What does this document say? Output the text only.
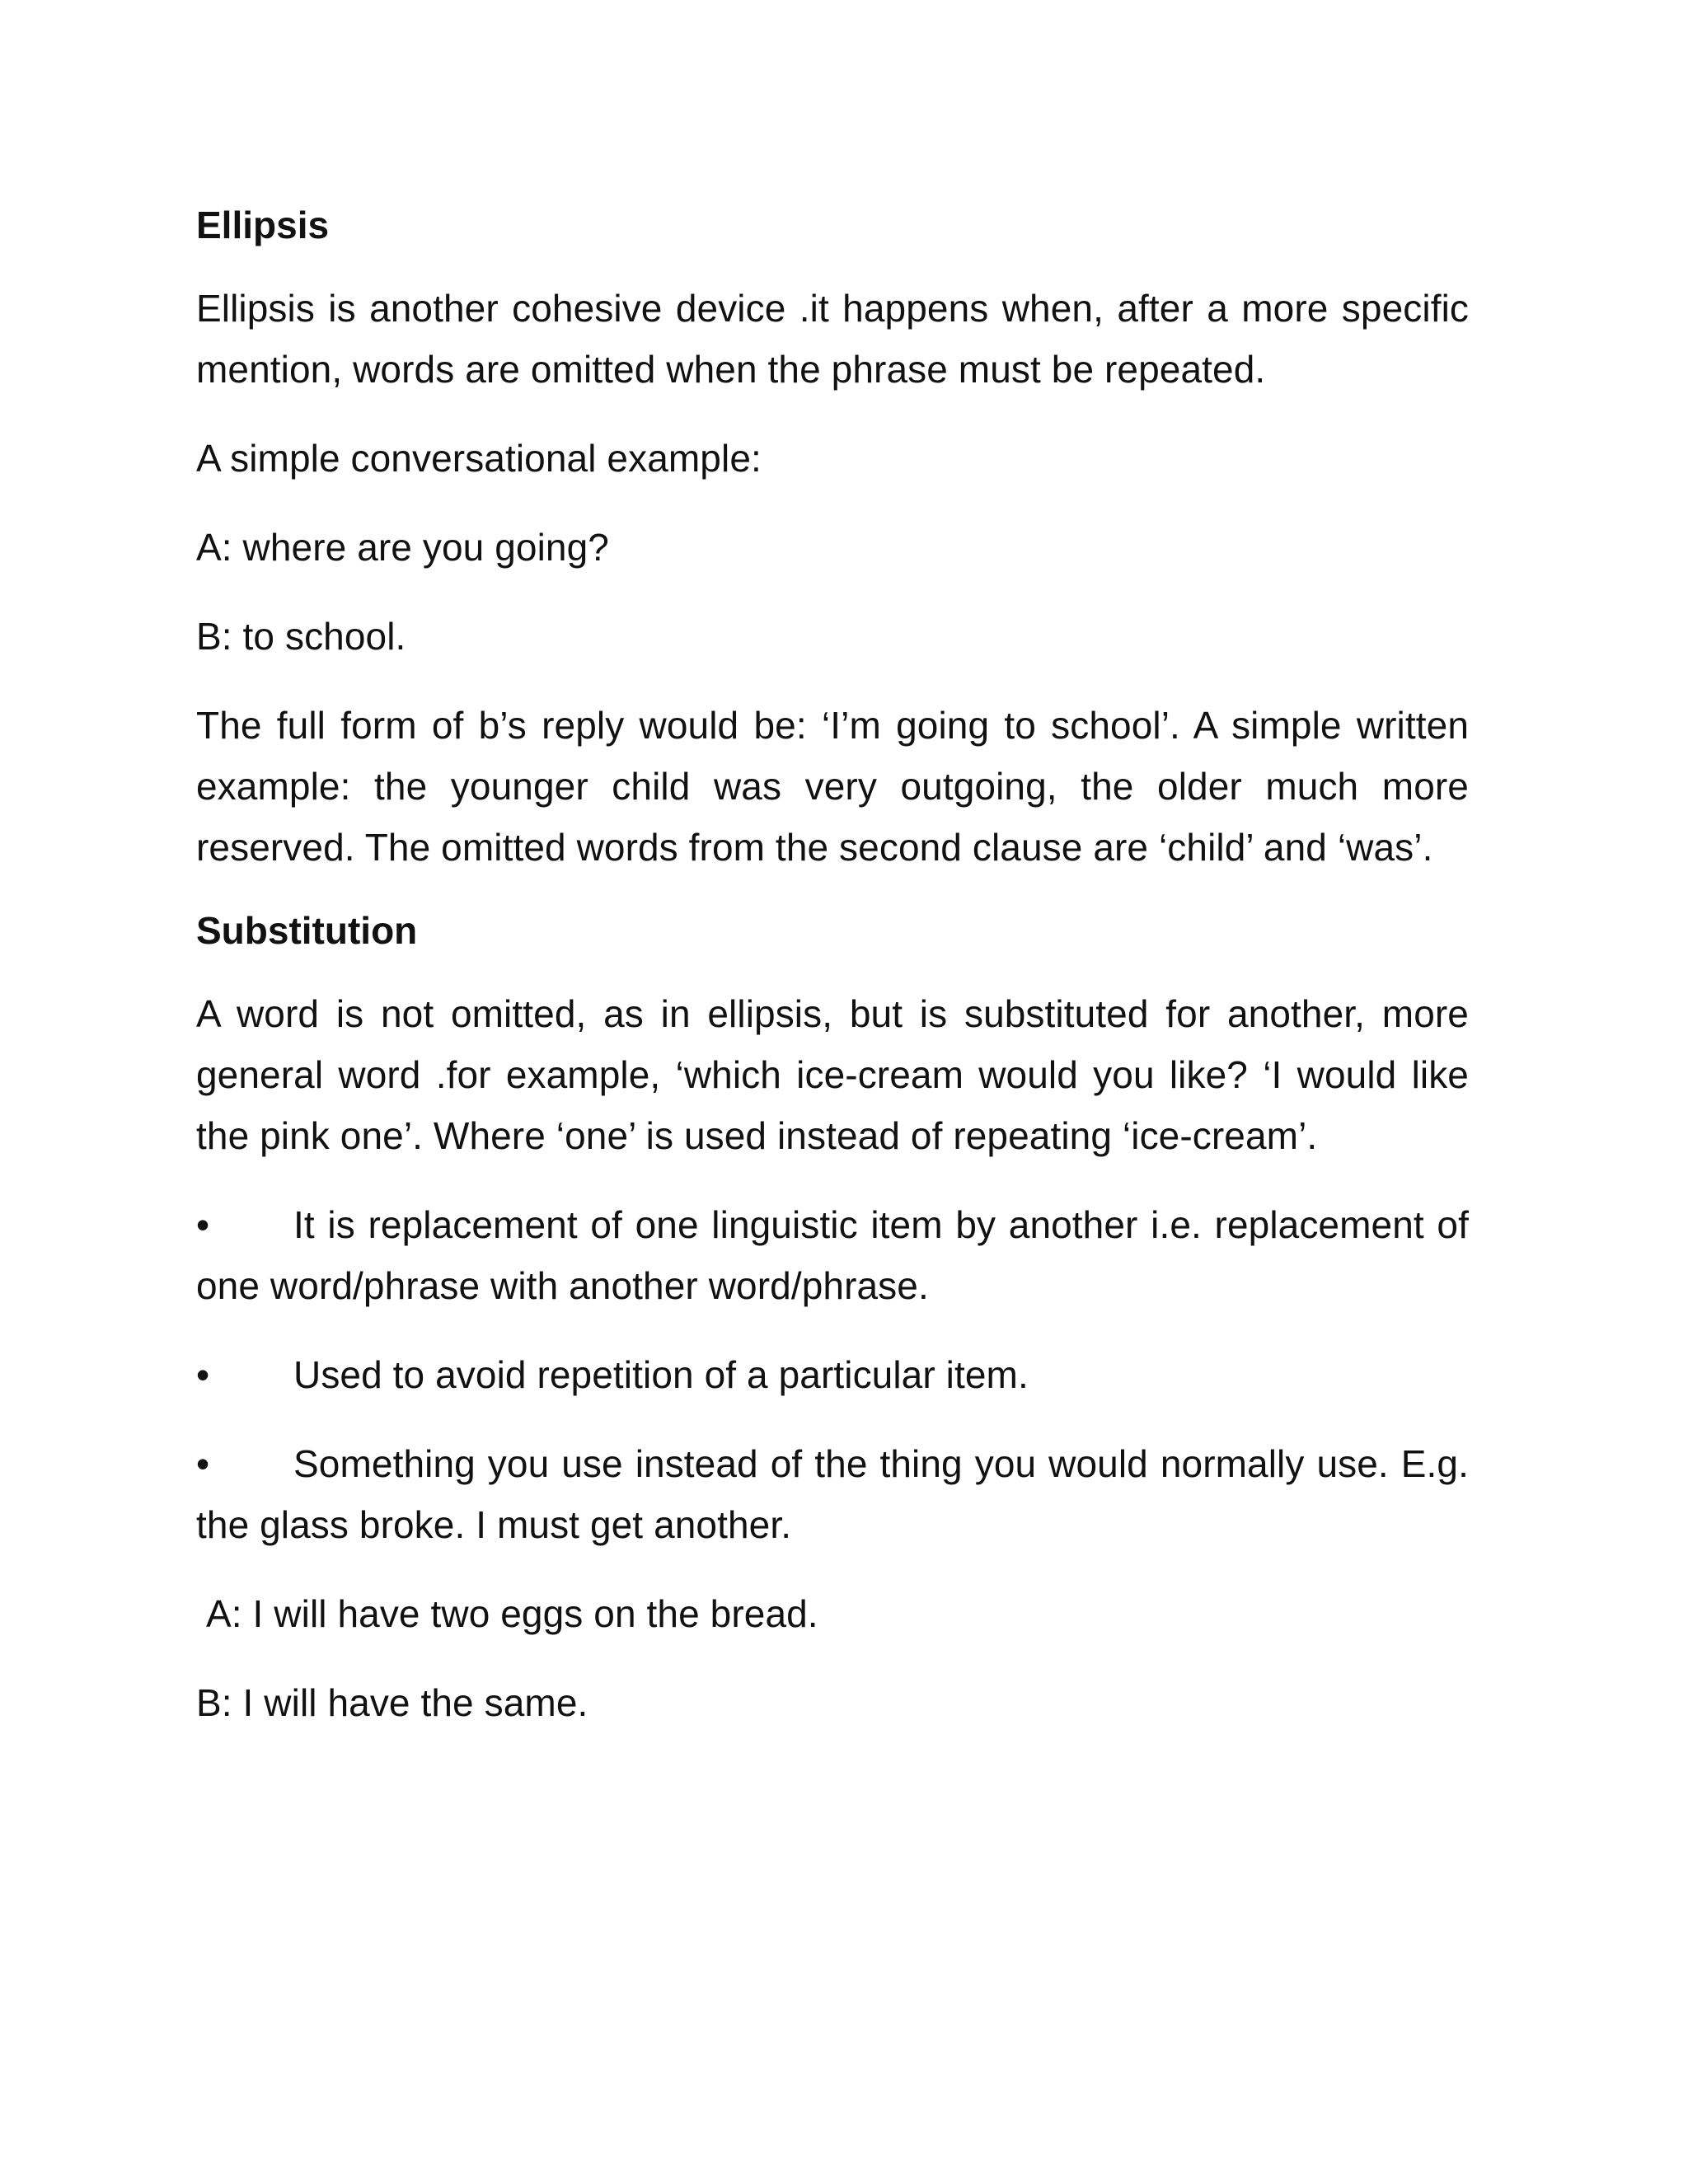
Ellipsis

Ellipsis is another cohesive device .it happens when, after a more specific mention, words are omitted when the phrase must be repeated.

A simple conversational example:

A: where are you going?

B: to school.

The full form of b’s reply would be: ‘I’m going to school’. A simple written example: the younger child was very outgoing, the older much more reserved. The omitted words from the second clause are ‘child’ and ‘was’.

Substitution

A word is not omitted, as in ellipsis, but is substituted for another, more general word .for example, ‘which ice-cream would you like? ‘I would like the pink one’. Where ‘one’ is used instead of repeating ‘ice-cream’.

• It is replacement of one linguistic item by another i.e. replacement of one word/phrase with another word/phrase.

• Used to avoid repetition of a particular item.

• Something you use instead of the thing you would normally use. E.g. the glass broke. I must get another.

A: I will have two eggs on the bread.

B: I will have the same.
